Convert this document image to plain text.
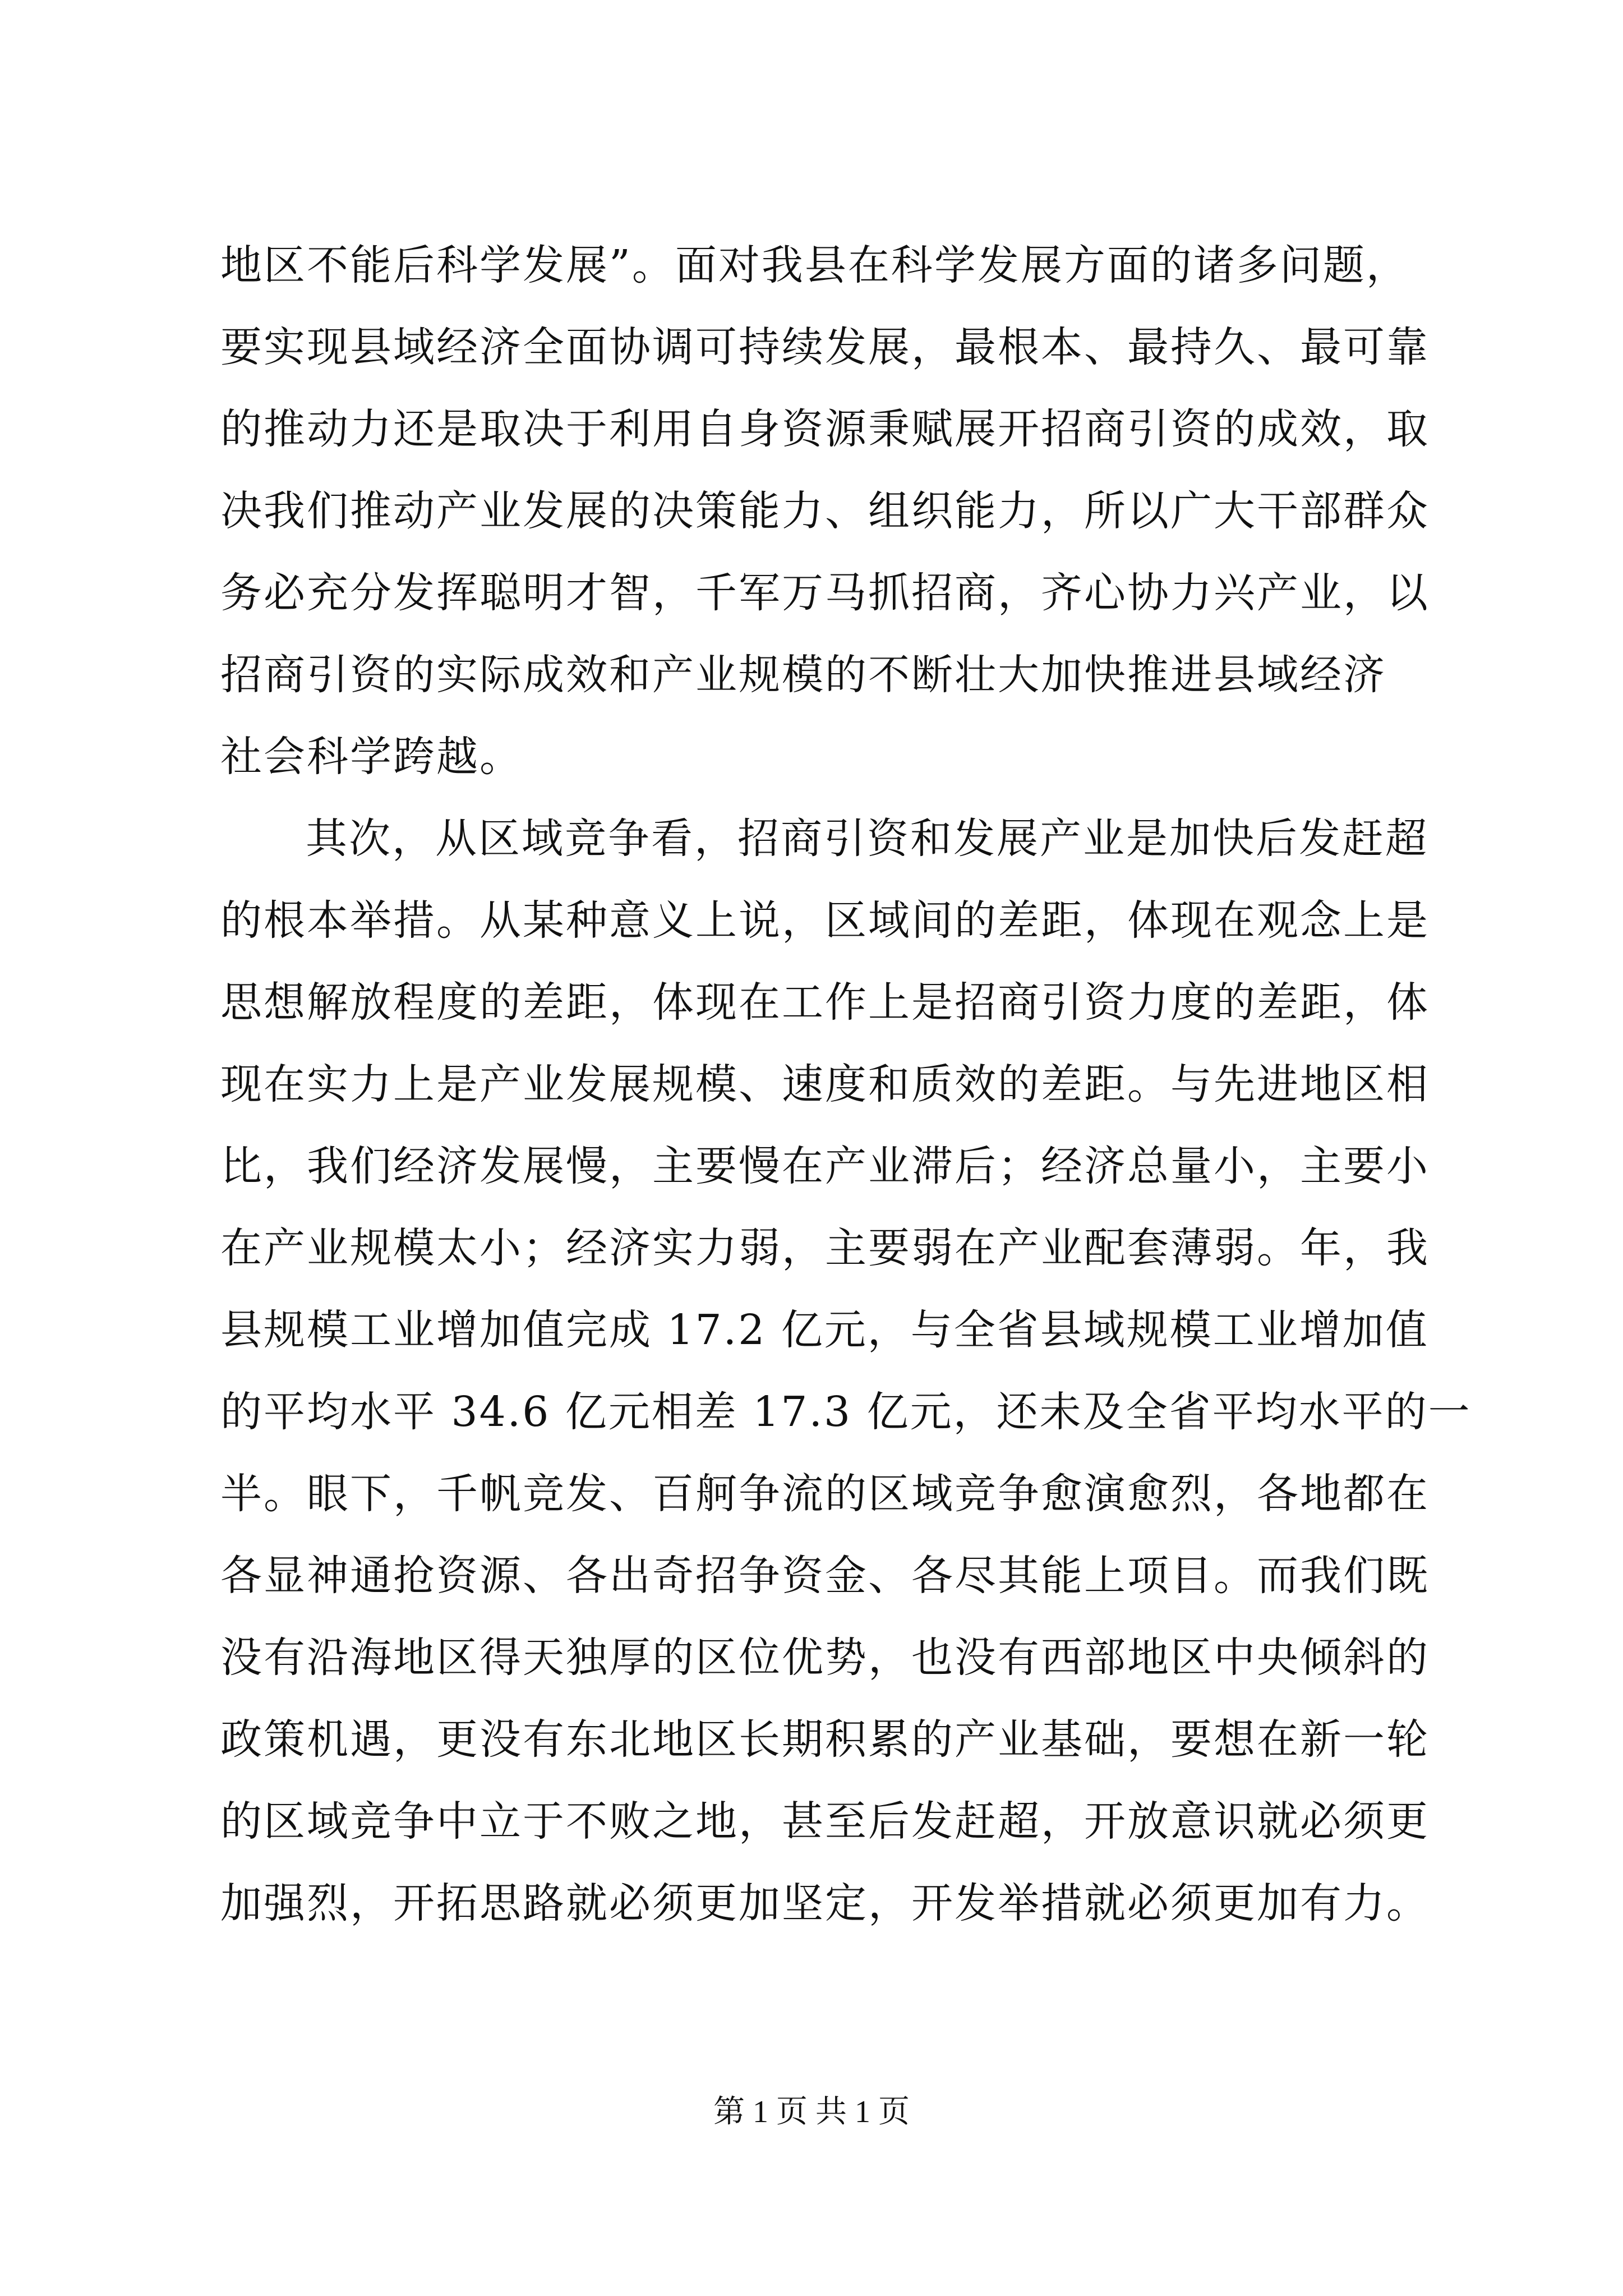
地区不能后科学发展”。面对我县在科学发展方面的诸多问题，
要实现县域经济全面协调可持续发展，最根本、最持久、最可靠
的推动力还是取决于利用自身资源秉赋展开招商引资的成效，取
决我们推动产业发展的决策能力、组织能力，所以广大干部群众
务必充分发挥聪明才智，千军万马抓招商，齐心协力兴产业，以
招商引资的实际成效和产业规模的不断壮大加快推进县域经济
社会科学跨越。
其次，从区域竞争看，招商引资和发展产业是加快后发赶超
的根本举措。从某种意义上说，区域间的差距，体现在观念上是
思想解放程度的差距，体现在工作上是招商引资力度的差距，体
现在实力上是产业发展规模、速度和质效的差距。与先进地区相
比，我们经济发展慢，主要慢在产业滞后；经济总量小，主要小
在产业规模太小；经济实力弱，主要弱在产业配套薄弱。年，我
县规模工业增加值完成 17.2 亿元，与全省县域规模工业增加值
的平均水平 34.6 亿元相差 17.3 亿元，还未及全省平均水平的一
半。眼下，千帆竞发、百舸争流的区域竞争愈演愈烈，各地都在
各显神通抢资源、各出奇招争资金、各尽其能上项目。而我们既
没有沿海地区得天独厚的区位优势，也没有西部地区中央倾斜的
政策机遇，更没有东北地区长期积累的产业基础，要想在新一轮
的区域竞争中立于不败之地，甚至后发赶超，开放意识就必须更
加强烈，开拓思路就必须更加坚定，开发举措就必须更加有力。
第 1 页 共 1 页
